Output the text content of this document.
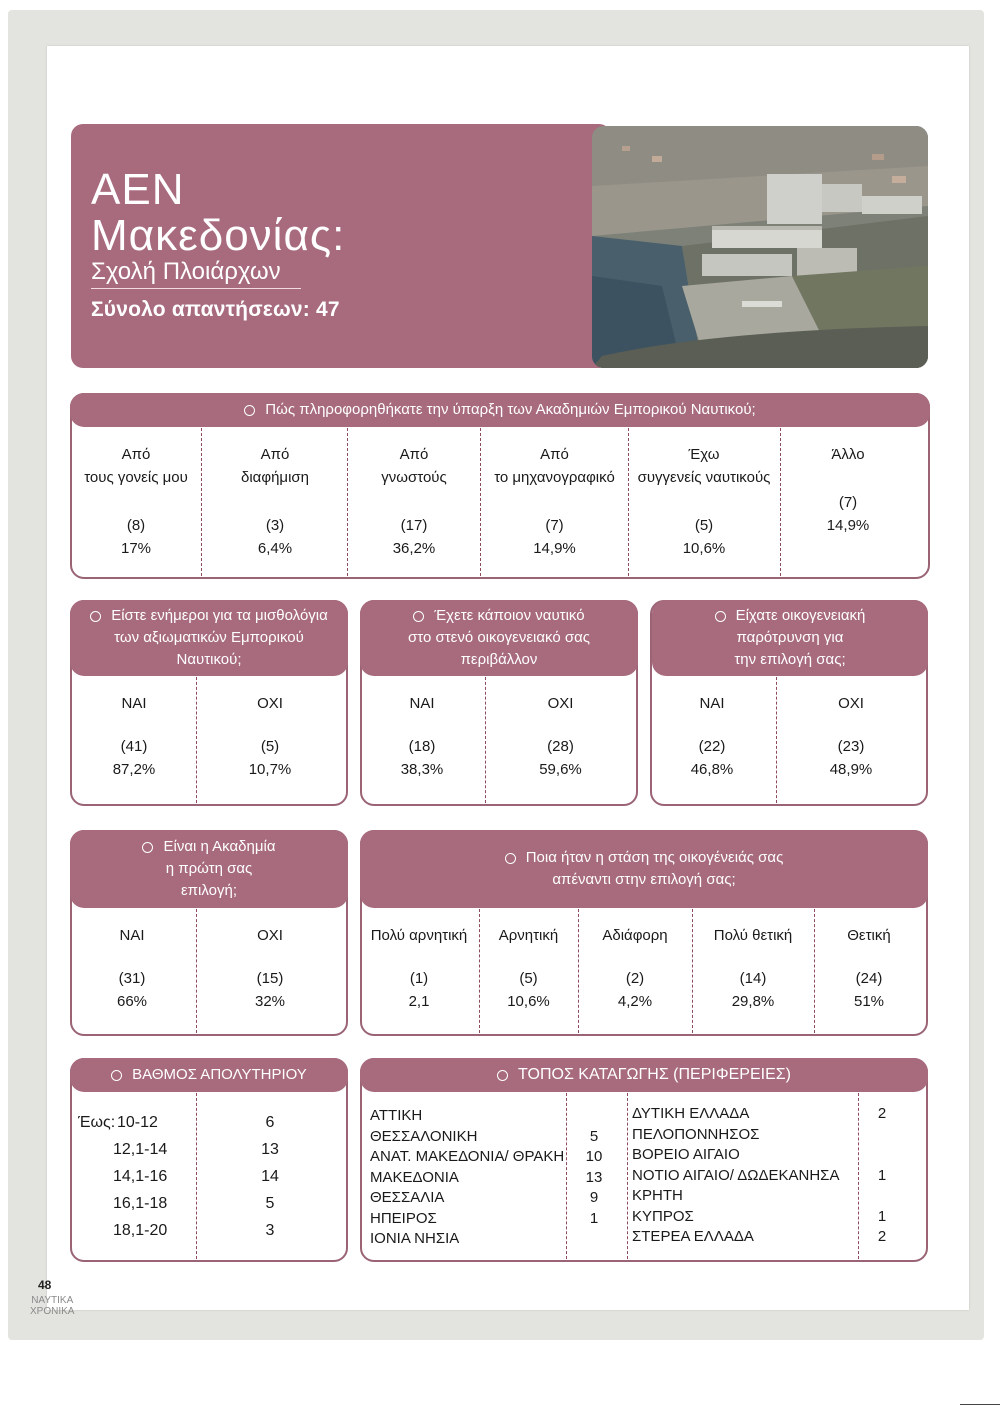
ΑΕΝ
Μακεδονίας:
Σχολή Πλοιάρχων
Σύνολο απαντήσεων: 47
Πώς πληροφορηθήκατε την ύπαρξη των Ακαδημιών Εμπορικού Ναυτικού;
Από
τους γονείς μου
(8)
17%
Από
διαφήμιση
(3)
6,4%
Από
γνωστούς
(17)
36,2%
Από
το μηχανογραφικό
(7)
14,9%
Έχω
συγγενείς ναυτικούς
(5)
10,6%
Άλλο
(7)
14,9%
Είστε ενήμεροι για τα μισθολόγια
των αξιωματικών Εμπορικού
Ναυτικού;
ΝΑΙ
(41)
87,2%
ΟΧΙ
(5)
10,7%
Έχετε κάποιον ναυτικό
στο στενό οικογενειακό σας
περιβάλλον
ΝΑΙ
(18)
38,3%
ΟΧΙ
(28)
59,6%
Είχατε οικογενειακή
παρότρυνση για
την επιλογή σας;
ΝΑΙ
(22)
46,8%
ΟΧΙ
(23)
48,9%
Είναι η Ακαδημία
η πρώτη σας
επιλογή;
ΝΑΙ
(31)
66%
ΟΧΙ
(15)
32%
Ποια ήταν η στάση της οικογένειάς σας
απέναντι στην επιλογή σας;
Πολύ αρνητική
(1)
2,1
Αρνητική
(5)
10,6%
Αδιάφορη
(2)
4,2%
Πολύ θετική
(14)
29,8%
Θετική
(24)
51%
ΒΑΘΜΟΣ ΑΠΟΛΥΤΗΡΙΟΥ
Έως: 10-12
12,1-14
14,1-16
16,1-18
18,1-20
6
13
14
5
3
ΤΟΠΟΣ ΚΑΤΑΓΩΓΗΣ (ΠΕΡΙΦΕΡΕΙΕΣ)
ΑΤΤΙΚΗ
ΘΕΣΣΑΛΟΝΙΚΗ
ΑΝΑΤ. ΜΑΚΕΔΟΝΙΑ/ ΘΡΑΚΗ
ΜΑΚΕΔΟΝΙΑ
ΘΕΣΣΑΛΙΑ
ΗΠΕΙΡΟΣ
ΙΟΝΙΑ ΝΗΣΙΑ
5
10
13
9
1
ΔΥΤΙΚΗ ΕΛΛΑΔΑ
ΠΕΛΟΠΟΝΝΗΣΟΣ
ΒΟΡΕΙΟ ΑΙΓΑΙΟ
ΝΟΤΙΟ ΑΙΓΑΙΟ/ ΔΩΔΕΚΑΝΗΣΑ
ΚΡΗΤΗ
ΚΥΠΡΟΣ
ΣΤΕΡΕΑ ΕΛΛΑΔΑ
2
1
1
2
48
ΝΑΥΤΙΚΑ
ΧΡΟΝΙΚΑ
